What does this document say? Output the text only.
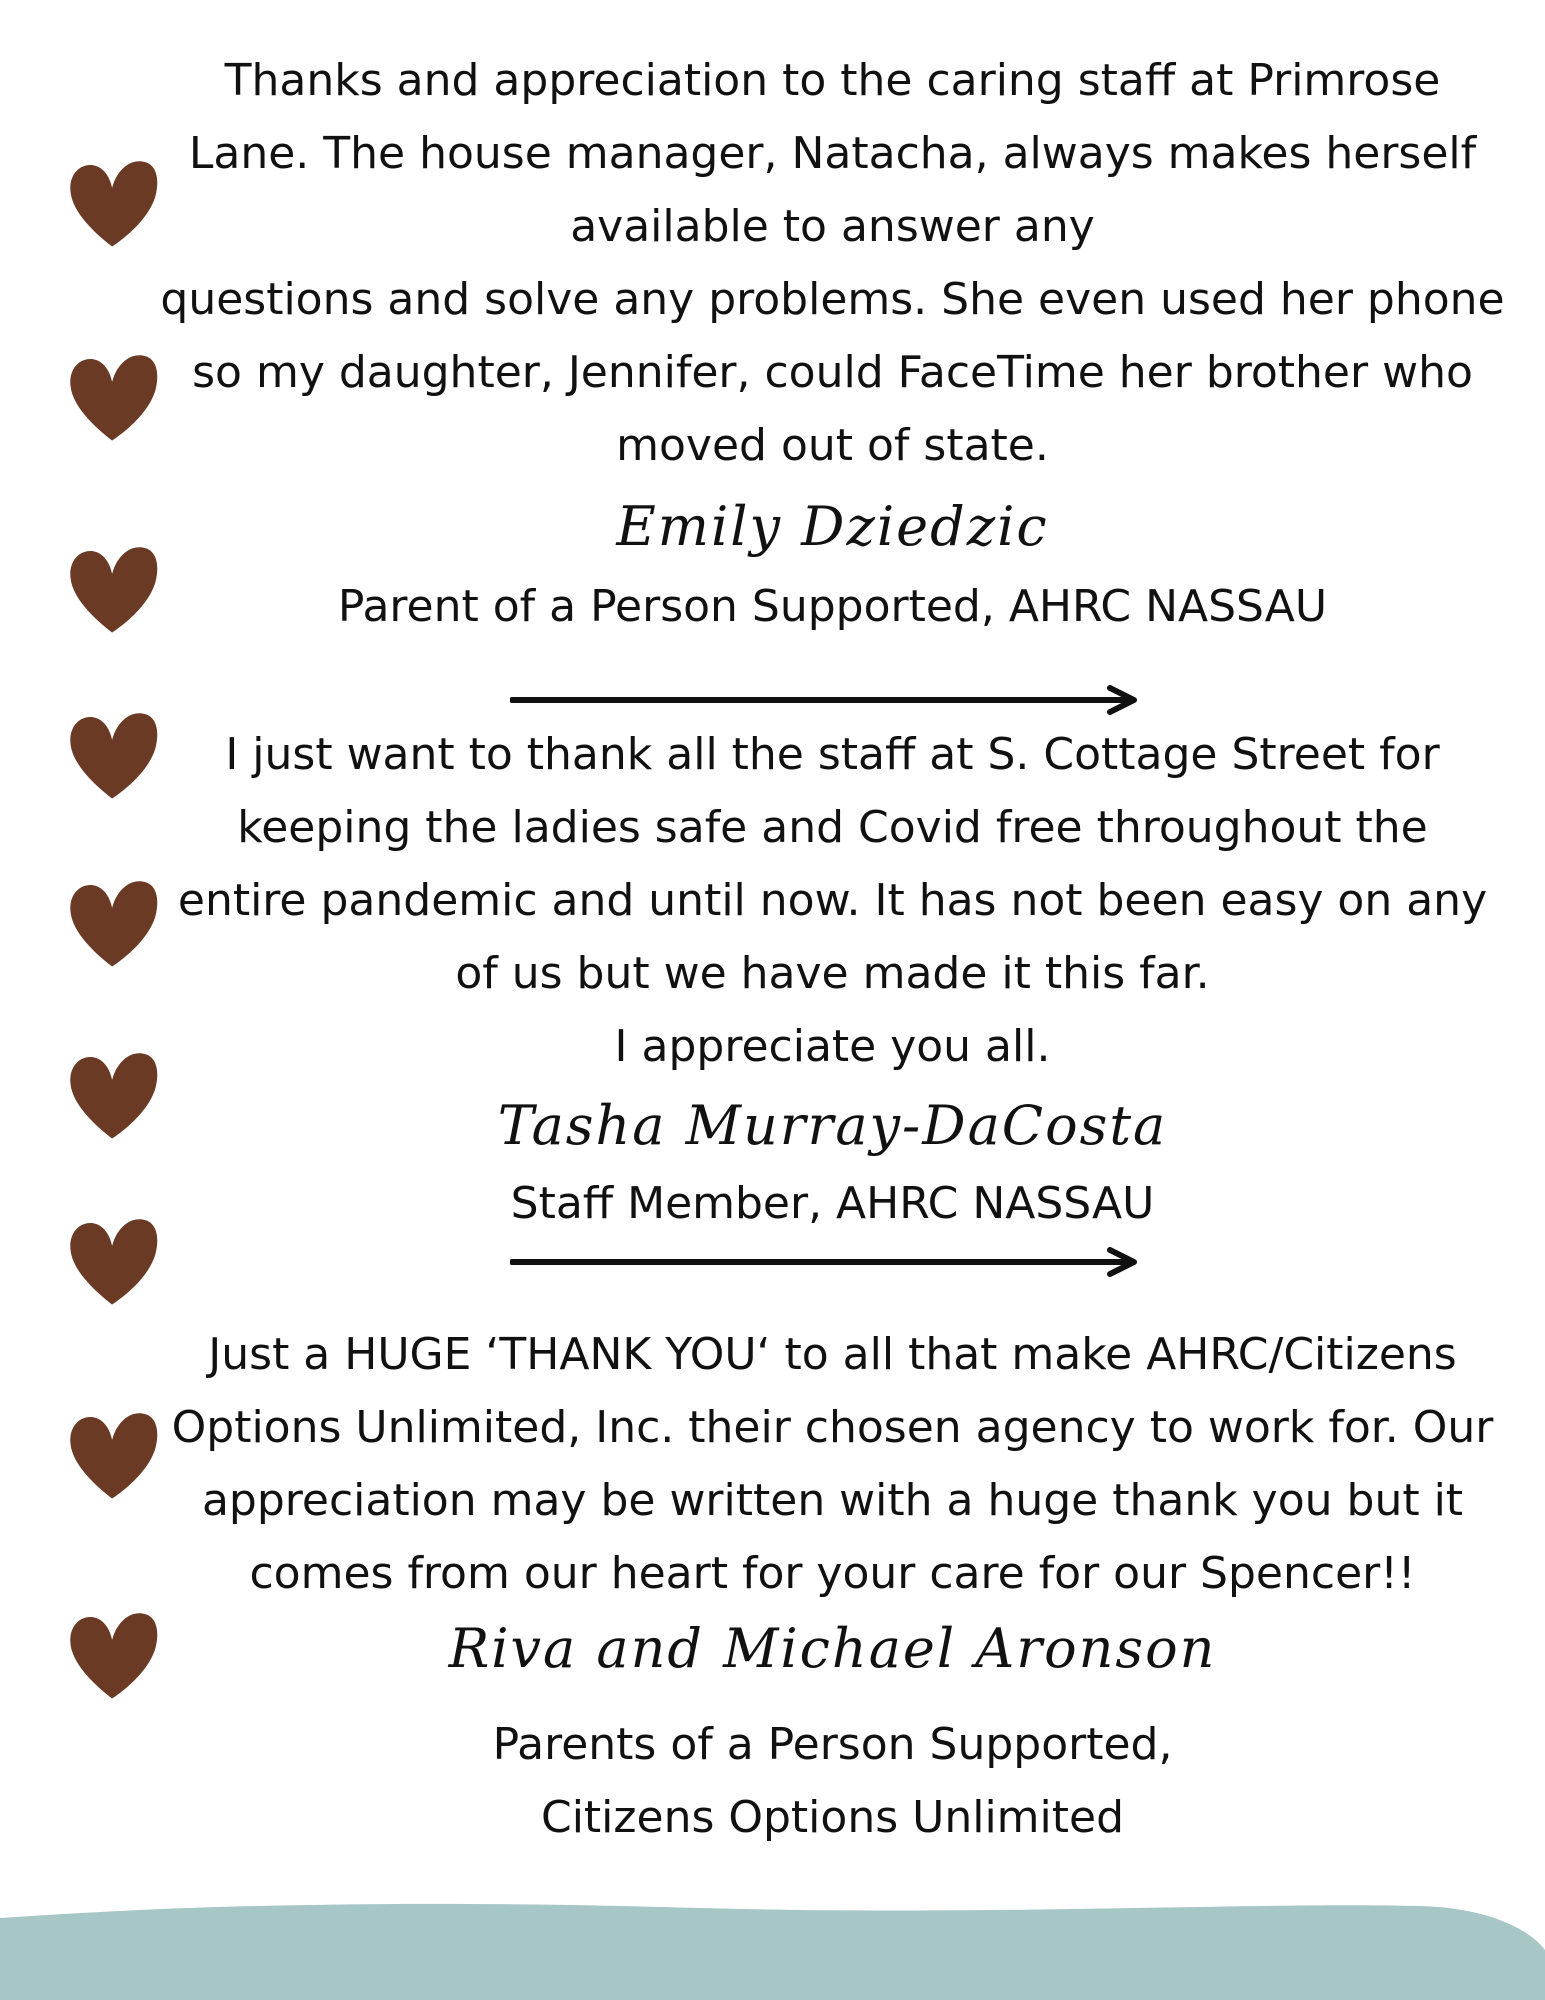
Thanks and appreciation to the caring staff at Primrose
Lane. The house manager, Natacha, always makes herself
available to answer any
questions and solve any problems. She even used her phone
so my daughter, Jennifer, could FaceTime her brother who
moved out of state.

Emily Dziedzic

Parent of a Person Supported, AHRC NASSAU

I just want to thank all the staff at S. Cottage Street for
keeping the ladies safe and Covid free throughout the
entire pandemic and until now. It has not been easy on any
of us but we have made it this far.
I appreciate you all.

Tasha Murray-DaCosta

Staff Member, AHRC NASSAU

Just a HUGE ‘THANK YOU‘ to all that make AHRC/Citizens
Options Unlimited, Inc. their chosen agency to work for. Our
appreciation may be written with a huge thank you but it
comes from our heart for your care for our Spencer!!

Riva and Michael Aronson

Parents of a Person Supported,
Citizens Options Unlimited
